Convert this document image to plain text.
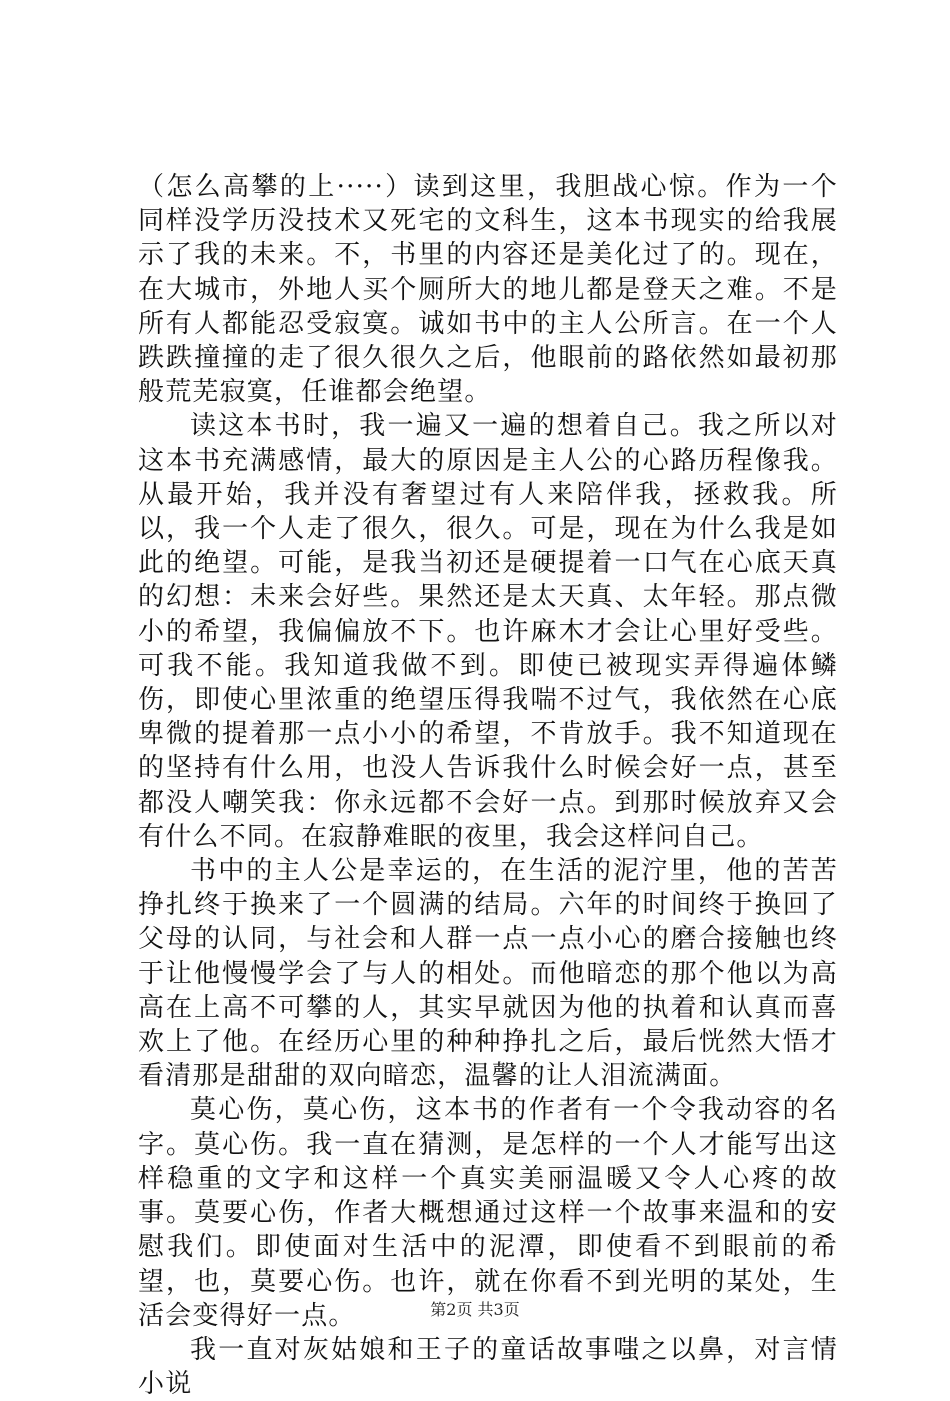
（怎么高攀的上·····）读到这里，我胆战心惊。作为一个同样没学历没技术又死宅的文科生，这本书现实的给我展示了我的未来。不，书里的内容还是美化过了的。现在，在大城市，外地人买个厕所大的地儿都是登天之难。不是所有人都能忍受寂寞。诚如书中的主人公所言。在一个人跌跌撞撞的走了很久很久之后，他眼前的路依然如最初那般荒芜寂寞，任谁都会绝望。

读这本书时，我一遍又一遍的想着自己。我之所以对这本书充满感情，最大的原因是主人公的心路历程像我。从最开始，我并没有奢望过有人来陪伴我，拯救我。所以，我一个人走了很久，很久。可是，现在为什么我是如此的绝望。可能，是我当初还是硬提着一口气在心底天真的幻想：未来会好些。果然还是太天真、太年轻。那点微小的希望，我偏偏放不下。也许麻木才会让心里好受些。可我不能。我知道我做不到。即使已被现实弄得遍体鳞伤，即使心里浓重的绝望压得我喘不过气，我依然在心底卑微的提着那一点小小的希望，不肯放手。我不知道现在的坚持有什么用，也没人告诉我什么时候会好一点，甚至都没人嘲笑我：你永远都不会好一点。到那时候放弃又会有什么不同。在寂静难眠的夜里，我会这样问自己。

书中的主人公是幸运的，在生活的泥泞里，他的苦苦挣扎终于换来了一个圆满的结局。六年的时间终于换回了父母的认同，与社会和人群一点一点小心的磨合接触也终于让他慢慢学会了与人的相处。而他暗恋的那个他以为高高在上高不可攀的人，其实早就因为他的执着和认真而喜欢上了他。在经历心里的种种挣扎之后，最后恍然大悟才看清那是甜甜的双向暗恋，温馨的让人泪流满面。

莫心伤，莫心伤，这本书的作者有一个令我动容的名字。莫心伤。我一直在猜测，是怎样的一个人才能写出这样稳重的文字和这样一个真实美丽温暖又令人心疼的故事。莫要心伤，作者大概想通过这样一个故事来温和的安慰我们。即使面对生活中的泥潭，即使看不到眼前的希望，也，莫要心伤。也许，就在你看不到光明的某处，生活会变得好一点。

我一直对灰姑娘和王子的童话故事嗤之以鼻，对言情小说

第2页 共3页
